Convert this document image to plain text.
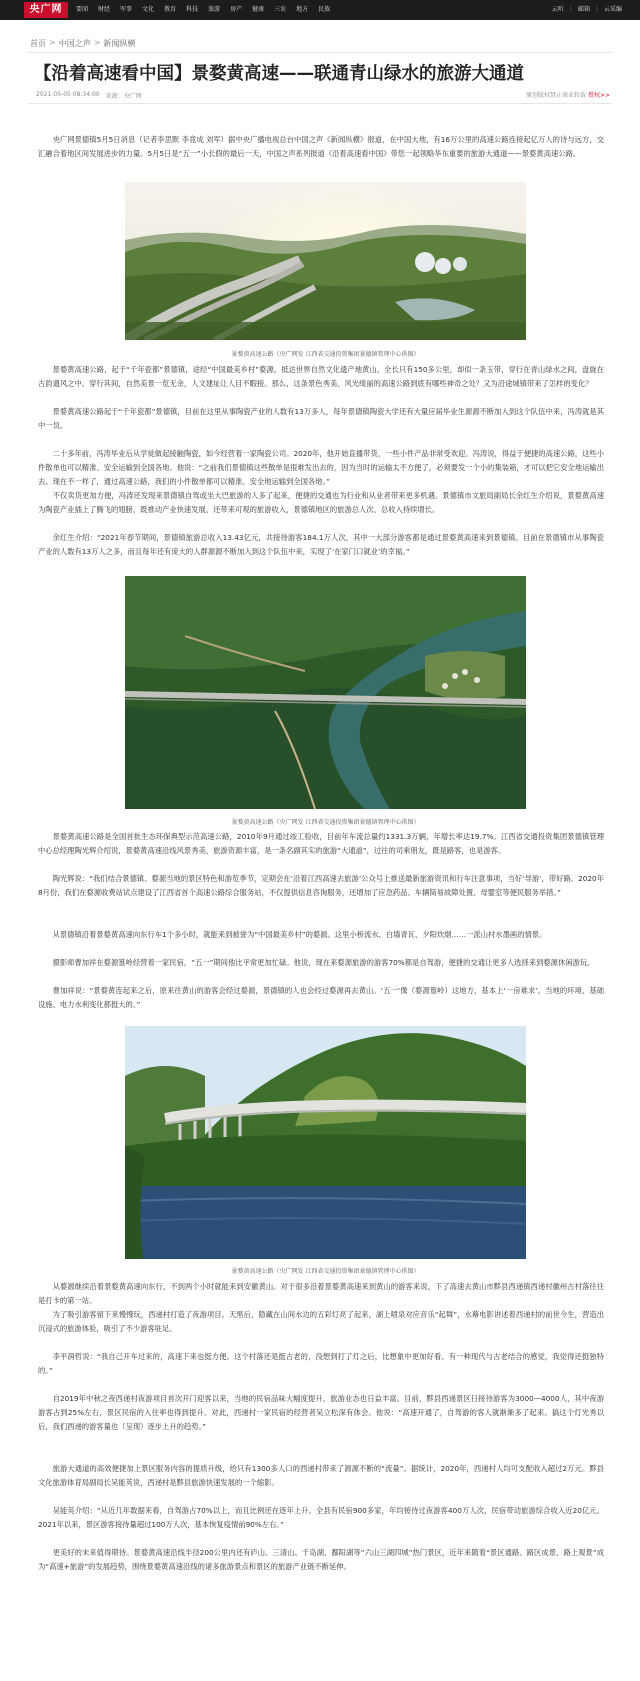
央广网	要闻 财经 军事 文化 教育 科技 旅游 房产 健康 三农 地方 民族	云听 | 邮箱 | 云采编
首页 > 中国之声 > 新闻纵横
【沿着高速看中国】景婺黄高速——联通青山绿水的旅游大通道
2021-05-05 08:34:00 来源：央广网	原创版权禁止商业转载 授权>>

央广网景德镇5月5日消息（记者李思默 李竟成 刘军）据中央广播电视总台中国之声《新闻纵横》报道，在中国大地，有16万公里的高速公路连接起亿万人的诗与远方，交汇融合着地区间发展进步的力量。5月5日是“五一”小长假的最后一天，中国之声系列报道《沿着高速看中国》带您一起领略华东重要的旅游大通道——景婺黄高速公路。

景婺黄高速公路（央广网发 江西省交通投资集团景德镇管理中心供图）

景婺黄高速公路，起于“千年瓷都”景德镇，途经“中国最美乡村”婺源，抵达世界自然文化遗产地黄山，全长只有150多公里，却似一条玉带，穿行在青山绿水之间，盘旋在古韵遗风之中。穿行其间，自然美景一览无余，人文建址让人目不暇接。那么，这条景色秀美、风光绮丽的高速公路到底有哪些神奇之处？又为沿途城镇带来了怎样的变化？

景婺黄高速公路起于“千年瓷都”景德镇，目前在这里从事陶瓷产业的人数有13万多人，每年景德镇陶瓷大学还有大量应届毕业生源源不断加入到这个队伍中来，冯涛就是其中一员。

二十多年前，冯涛毕业后从学徒做起接触陶瓷，如今经营着一家陶瓷公司。2020年，他开始直播带货，一些小件产品非常受欢迎。冯涛说，得益于便捷的高速公路，这些小件散单也可以精准、安全运输到全国各地。他说：“之前我们景德镇这些散单是很难发出去的，因为当时的运输太不方便了，必须要发一个小的集装箱，才可以把它安全地运输出去。现在不一样了，通过高速公路，我们的小件散单都可以精准、安全地运输到全国各地。”

不仅卖货更加方便，冯涛还发现来景德镇自驾或坐大巴旅游的人多了起来，便捷的交通也为行业和从业者带来更多机遇。景德镇市文旅局副局长余红生介绍说，景婺黄高速为陶瓷产业插上了腾飞的翅膀，既推动产业快速发展，还带来可观的旅游收入，景德镇地区的旅游总人次、总收入持续增长。

余红生介绍：“2021年春节期间，景德镇旅游总收入13.43亿元，共接待游客184.1万人次，其中一大部分游客都是通过景婺黄高速来到景德镇。目前在景德镇市从事陶瓷产业的人数有13万人之多，而且每年还有庞大的人群源源不断加入到这个队伍中来，实现了‘在家门口就业’的幸福。”

景婺黄高速公路（央广网发 江西省交通投资集团景德镇管理中心供图）

景婺黄高速公路是全国首批生态环保典型示范高速公路，2010年9月通过竣工验收，目前年车流总量约1331.3万辆，年增长率达19.7%。江西省交通投资集团景德镇管理中心总经理陶光辉介绍说，景婺黄高速沿线风景秀美，旅游资源丰富，是一条名副其实的旅游“大通道”，过往的司乘朋友，既是路客，也是游客。

陶光辉说：“我们结合景德镇、婺源当地的景区特色和游览季节，定期会在‘沿着江西高速去旅游’公众号上推送最新旅游资讯和行车注意事项，当好‘导游’，带好路。2020年8月份，我们在婺源收费站试点建设了江西省首个高速公路综合服务站，不仅提供信息咨询服务，还增加了应急药品、车辆简易故障处置、母婴室等便民服务举措。”

从景德镇沿着景婺黄高速向东行车1个多小时，就能来到被誉为“中国最美乡村”的婺源。这里小桥流水、白墙青瓦、夕阳炊烟……一派山村水墨画的情景。

摄影师曹加祥在婺源篁岭经营着一家民宿，“五一”期间他比平常更加忙碌。他说，现在来婺源旅游的游客70%都是自驾游，便捷的交通让更多人选择来到婺源休闲游玩。

曹加祥说：“景婺黄连起来之后，原来往黄山的游客会经过婺源，景德镇的人也会经过婺源再去黄山。‘五一’像（婺源篁岭）这地方，基本上‘一房难求’。当地的环境、基础设施、电力水利变化都挺大的。”

景婺黄高速公路（央广网发 江西省交通投资集团景德镇管理中心供图）

从婺源继续沿着景婺黄高速向东行，不到两个小时就能来到安徽黄山。对于很多沿着景婺黄高速来到黄山的游客来说，下了高速去黄山市黟县西递镇西递村徽州古村落往往是打卡的第一站。

为了吸引游客留下来慢慢玩，西递村打造了夜游项目。天黑后，隐藏在山间水边的五彩灯亮了起来，湖上喷泉对应音乐“起舞”，水幕电影讲述着西递村的前世今生，营造出沉浸式的旅游体验，吸引了不少游客驻足。

李平润哲说：“我自己开车过来的，高速下来也挺方便。这个村落还是挺古老的，没想到打了灯之后，比想象中更加好看。有一种现代与古老结合的感觉，我觉得还挺独特的。”

自2019年中秋之夜西递村夜游项目首次开门迎客以来，当地的民宿品味大幅度提升，旅游业态也日益丰富。目前，黟县西递景区日接待游客为3000—4000人，其中夜游游客占到25%左右，景区民宿的入住率也得到提升。对此，西递村一家民宿的经营者吴立松深有体会。他说：“高速开通了，自驾游的客人就渐渐多了起来。搞这个灯光秀以后，我们西递的游客量也（呈现）逐步上升的趋势。”

旅游大通道的高效便捷加上景区服务内容的提质升级，给只有1300多人口的西递村带来了源源不断的“流量”。据统计，2020年，西递村人均可支配收入超过2万元。黟县文化旅游体育局副局长吴能英说，西递村是黟县旅游快速发展的一个缩影。

吴能英介绍：“从近几年数据来看，自驾游占70%以上，而且比例还在逐年上升。全县有民宿900多家，年均接待过夜游客400万人次，民宿带动旅游综合收入近20亿元。2021年以来，景区游客接待量超过100万人次，基本恢复疫情前90%左右。”

更美好的未来值得期待。景婺黄高速沿线半径200公里内还有庐山、三清山、千岛湖、鄱阳湖等“六山三湖四城”热门景区，近年来随着“景区通路、路区成景、路上观景”成为“高速+旅游”的发展趋势，围绕景婺黄高速沿线的诸多旅游景点和景区的旅游产业链不断延伸。
